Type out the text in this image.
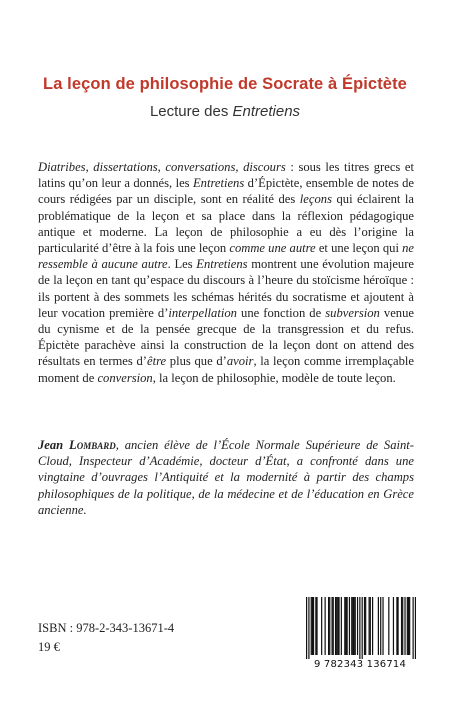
La leçon de philosophie de Socrate à Épictète
Lecture des Entretiens

Diatribes, dissertations, conversations, discours : sous les titres grecs et latins qu’on leur a donnés, les Entretiens d’Épictète, ensemble de notes de cours rédigées par un disciple, sont en réalité des leçons qui éclairent la problématique de la leçon et sa place dans la réflexion pédagogique antique et moderne. La leçon de philosophie a eu dès l’origine la particularité d’être à la fois une leçon comme une autre et une leçon qui ne ressemble à aucune autre. Les Entretiens montrent une évolution majeure de la leçon en tant qu’espace du discours à l’heure du stoïcisme héroïque : ils portent à des sommets les schémas hérités du socratisme et ajoutent à leur vocation première d’interpellation une fonction de subversion venue du cynisme et de la pensée grecque de la transgression et du refus. Épictète parachève ainsi la construction de la leçon dont on attend des résultats en termes d’être plus que d’avoir, la leçon comme irremplaçable moment de conversion, la leçon de philosophie, modèle de toute leçon.

Jean Lombard, ancien élève de l’École Normale Supérieure de Saint-Cloud, Inspecteur d’Académie, docteur d’État, a confronté dans une vingtaine d’ouvrages l’Antiquité et la modernité à partir des champs philosophiques de la politique, de la médecine et de l’éducation en Grèce ancienne.
ISBN : 978-2-343-13671-4
19 €
9 782343 136714
